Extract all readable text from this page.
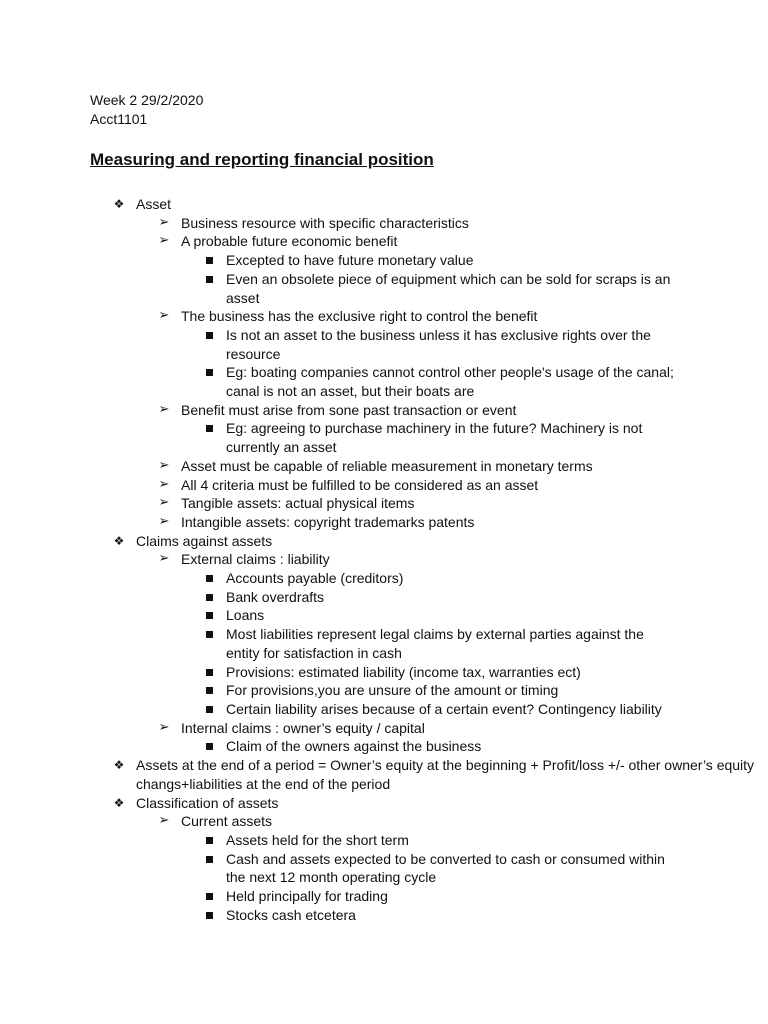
Week 2 29/2/2020
Acct1101
Measuring and reporting financial position
❖ Asset
➢ Business resource with specific characteristics
➢ A probable future economic benefit
Excepted to have future monetary value
Even an obsolete piece of equipment which can be sold for scraps is an asset
➢ The business has the exclusive right to control the benefit
Is not an asset to the business unless it has exclusive rights over the resource
Eg: boating companies cannot control other people's usage of the canal; canal is not an asset, but their boats are
➢ Benefit must arise from sone past transaction or event
Eg: agreeing to purchase machinery in the future? Machinery is not currently an asset
➢ Asset must be capable of reliable measurement in monetary terms
➢ All 4 criteria must be fulfilled to be considered as an asset
➢ Tangible assets: actual physical items
➢ Intangible assets: copyright trademarks patents
❖ Claims against assets
➢ External claims : liability
Accounts payable (creditors)
Bank overdrafts
Loans
Most liabilities represent legal claims by external parties against the entity for satisfaction in cash
Provisions: estimated liability (income tax, warranties ect)
For provisions,you are unsure of the amount or timing
Certain liability arises because of a certain event? Contingency liability
➢ Internal claims : owner’s equity / capital
Claim of the owners against the business
❖ Assets at the end of a period = Owner’s equity at the beginning + Profit/loss +/- other owner’s equity changs+liabilities at the end of the period
❖ Classification of assets
➢ Current assets
Assets held for the short term
Cash and assets expected to be converted to cash or consumed within the next 12 month operating cycle
Held principally for trading
Stocks cash etcetera
